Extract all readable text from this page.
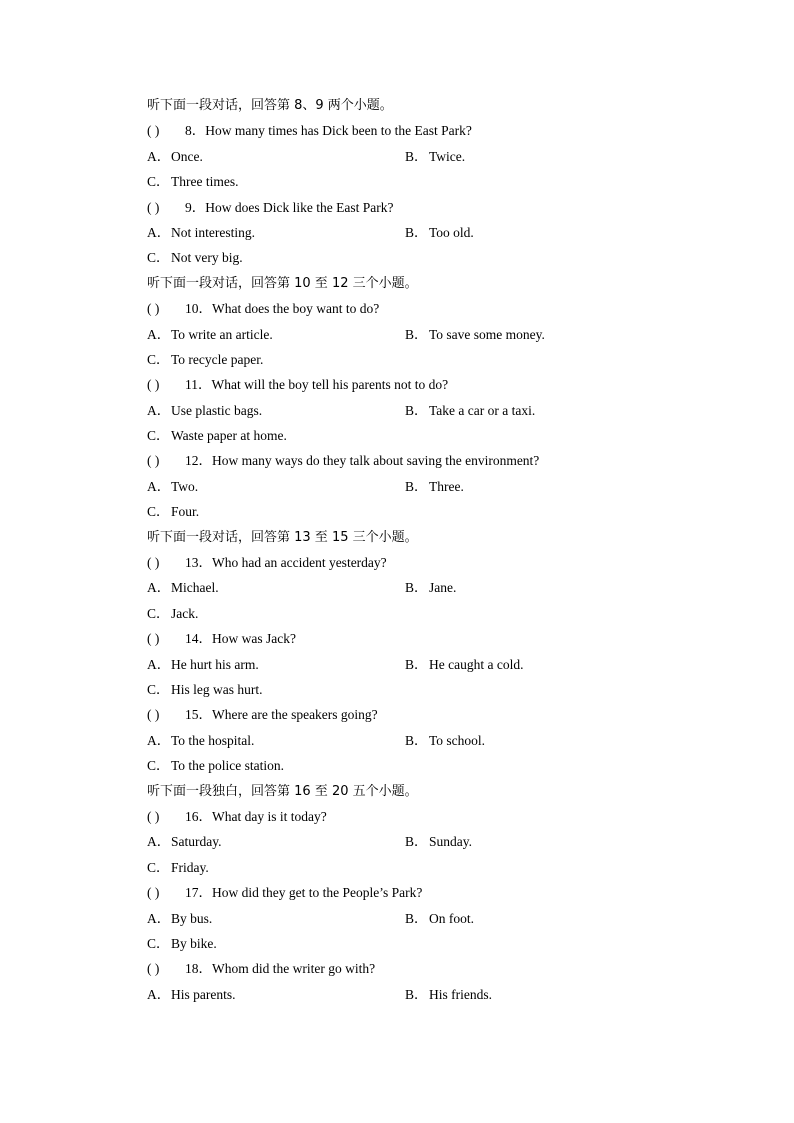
听下面一段对话，回答第 8、9 两个小题。
( ) 8．How many times has Dick been to the East Park?
A．Once.	B．Twice.
C．Three times.
( ) 9．How does Dick like the East Park?
A．Not interesting.	B．Too old.
C．Not very big.
听下面一段对话，回答第 10 至 12 三个小题。
( ) 10．What does the boy want to do?
A．To write an article.	B．To save some money.
C．To recycle paper.
( ) 11．What will the boy tell his parents not to do?
A．Use plastic bags.	B．Take a car or a taxi.
C．Waste paper at home.
( ) 12．How many ways do they talk about saving the environment?
A．Two.	B．Three.
C．Four.
听下面一段对话，回答第 13 至 15 三个小题。
( ) 13．Who had an accident yesterday?
A．Michael.	B．Jane.
C．Jack.
( ) 14．How was Jack?
A．He hurt his arm.	B．He caught a cold.
C．His leg was hurt.
( ) 15．Where are the speakers going?
A．To the hospital.	B．To school.
C．To the police station.
听下面一段独白，回答第 16 至 20 五个小题。
( ) 16．What day is it today?
A．Saturday.	B．Sunday.
C．Friday.
( ) 17．How did they get to the People’s Park?
A．By bus.	B．On foot.
C．By bike.
( ) 18．Whom did the writer go with?
A．His parents.	B．His friends.
